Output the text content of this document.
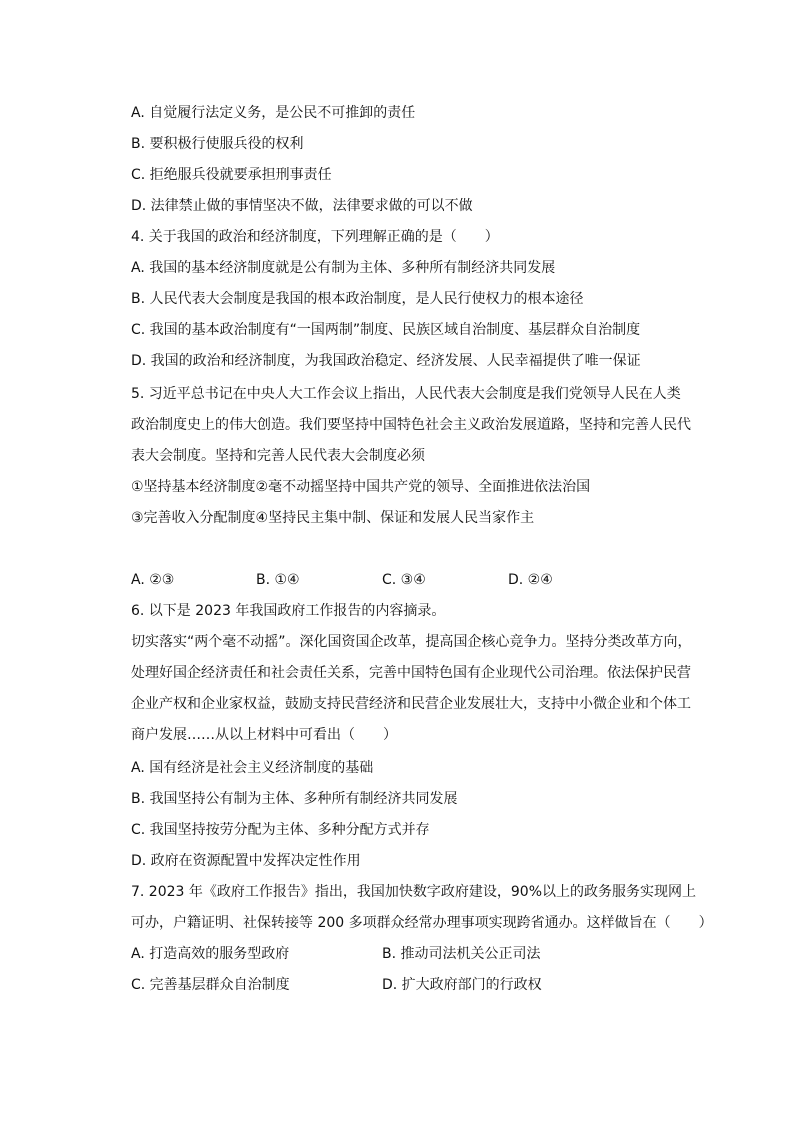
A. 自觉履行法定义务，是公民不可推卸的责任
B. 要积极行使服兵役的权利
C. 拒绝服兵役就要承担刑事责任
D. 法律禁止做的事情坚决不做，法律要求做的可以不做
4. 关于我国的政治和经济制度，下列理解正确的是（　　）
A. 我国的基本经济制度就是公有制为主体、多种所有制经济共同发展
B. 人民代表大会制度是我国的根本政治制度，是人民行使权力的根本途径
C. 我国的基本政治制度有“一国两制”制度、民族区域自治制度、基层群众自治制度
D. 我国的政治和经济制度，为我国政治稳定、经济发展、人民幸福提供了唯一保证
5. 习近平总书记在中央人大工作会议上指出，人民代表大会制度是我们党领导人民在人类
政治制度史上的伟大创造。我们要坚持中国特色社会主义政治发展道路，坚持和完善人民代
表大会制度。坚持和完善人民代表大会制度必须
①坚持基本经济制度②毫不动摇坚持中国共产党的领导、全面推进依法治国
③完善收入分配制度④坚持民主集中制、保证和发展人民当家作主
A. ②③	B. ①④	C. ③④	D. ②④
6. 以下是 2023 年我国政府工作报告的内容摘录。
切实落实“两个毫不动摇”。深化国资国企改革，提高国企核心竞争力。坚持分类改革方向，
处理好国企经济责任和社会责任关系，完善中国特色国有企业现代公司治理。依法保护民营
企业产权和企业家权益，鼓励支持民营经济和民营企业发展壮大，支持中小微企业和个体工
商户发展……从以上材料中可看出（　　）
A. 国有经济是社会主义经济制度的基础
B. 我国坚持公有制为主体、多种所有制经济共同发展
C. 我国坚持按劳分配为主体、多种分配方式并存
D. 政府在资源配置中发挥决定性作用
7. 2023 年《政府工作报告》指出，我国加快数字政府建设，90%以上的政务服务实现网上
可办，户籍证明、社保转接等 200 多项群众经常办理事项实现跨省通办。这样做旨在（　　）
A. 打造高效的服务型政府	B. 推动司法机关公正司法
C. 完善基层群众自治制度	D. 扩大政府部门的行政权
